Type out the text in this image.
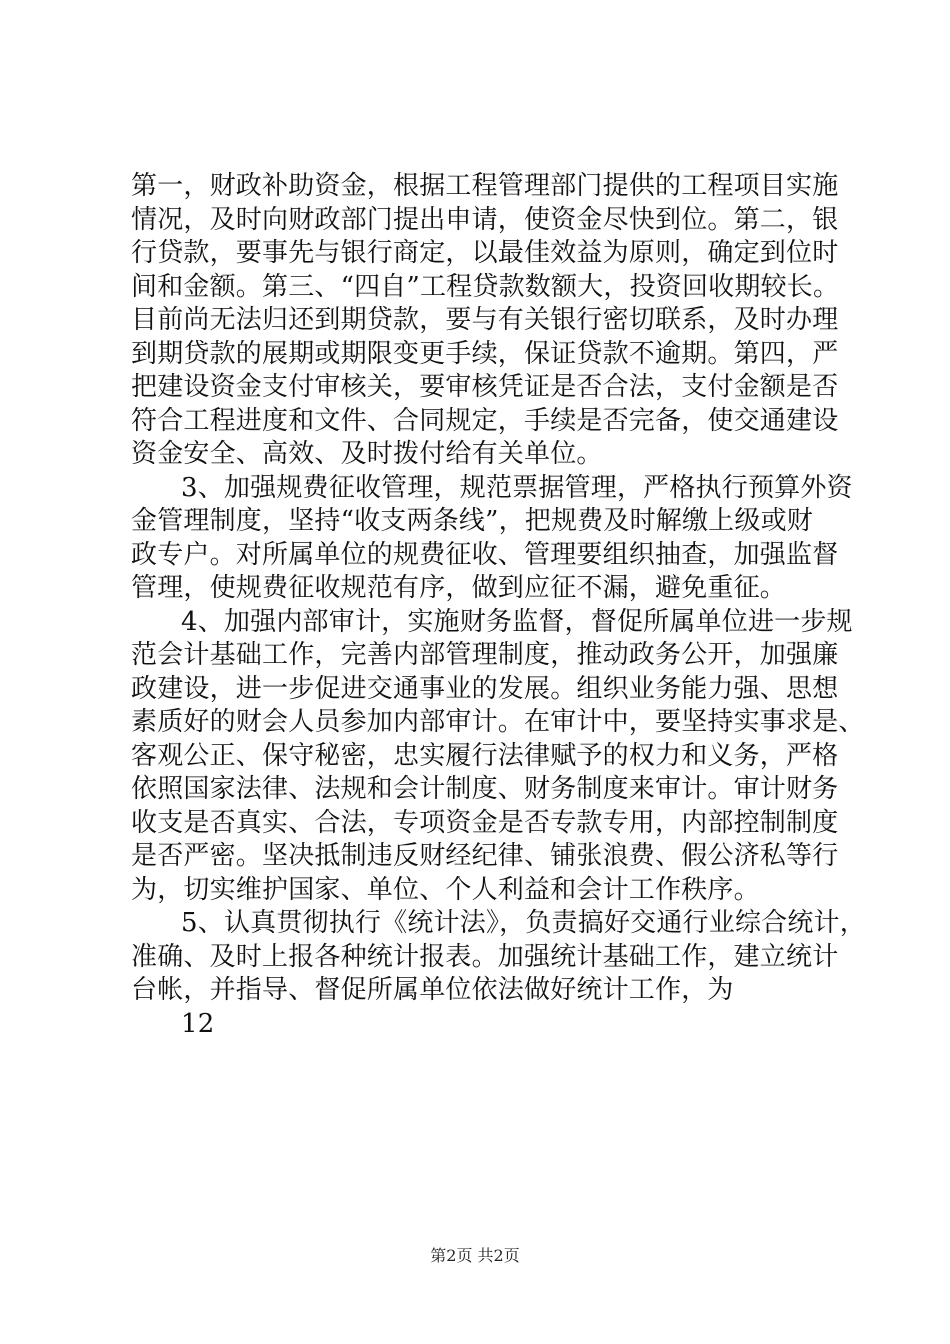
第一，财政补助资金，根据工程管理部门提供的工程项目实施
情况，及时向财政部门提出申请，使资金尽快到位。第二，银
行贷款，要事先与银行商定，以最佳效益为原则，确定到位时
间和金额。第三、“四自”工程贷款数额大，投资回收期较长。
目前尚无法归还到期贷款，要与有关银行密切联系，及时办理
到期贷款的展期或期限变更手续，保证贷款不逾期。第四，严
把建设资金支付审核关，要审核凭证是否合法，支付金额是否
符合工程进度和文件、合同规定，手续是否完备，使交通建设
资金安全、高效、及时拨付给有关单位。
3、加强规费征收管理，规范票据管理，严格执行预算外资
金管理制度，坚持“收支两条线”，把规费及时解缴上级或财
政专户。对所属单位的规费征收、管理要组织抽查，加强监督
管理，使规费征收规范有序，做到应征不漏，避免重征。
4、加强内部审计，实施财务监督，督促所属单位进一步规
范会计基础工作，完善内部管理制度，推动政务公开，加强廉
政建设，进一步促进交通事业的发展。组织业务能力强、思想
素质好的财会人员参加内部审计。在审计中，要坚持实事求是、
客观公正、保守秘密，忠实履行法律赋予的权力和义务，严格
依照国家法律、法规和会计制度、财务制度来审计。审计财务
收支是否真实、合法，专项资金是否专款专用，内部控制制度
是否严密。坚决抵制违反财经纪律、铺张浪费、假公济私等行
为，切实维护国家、单位、个人利益和会计工作秩序。
5、认真贯彻执行《统计法》，负责搞好交通行业综合统计，
准确、及时上报各种统计报表。加强统计基础工作，建立统计
台帐，并指导、督促所属单位依法做好统计工作，为
12
第2页 共2页
